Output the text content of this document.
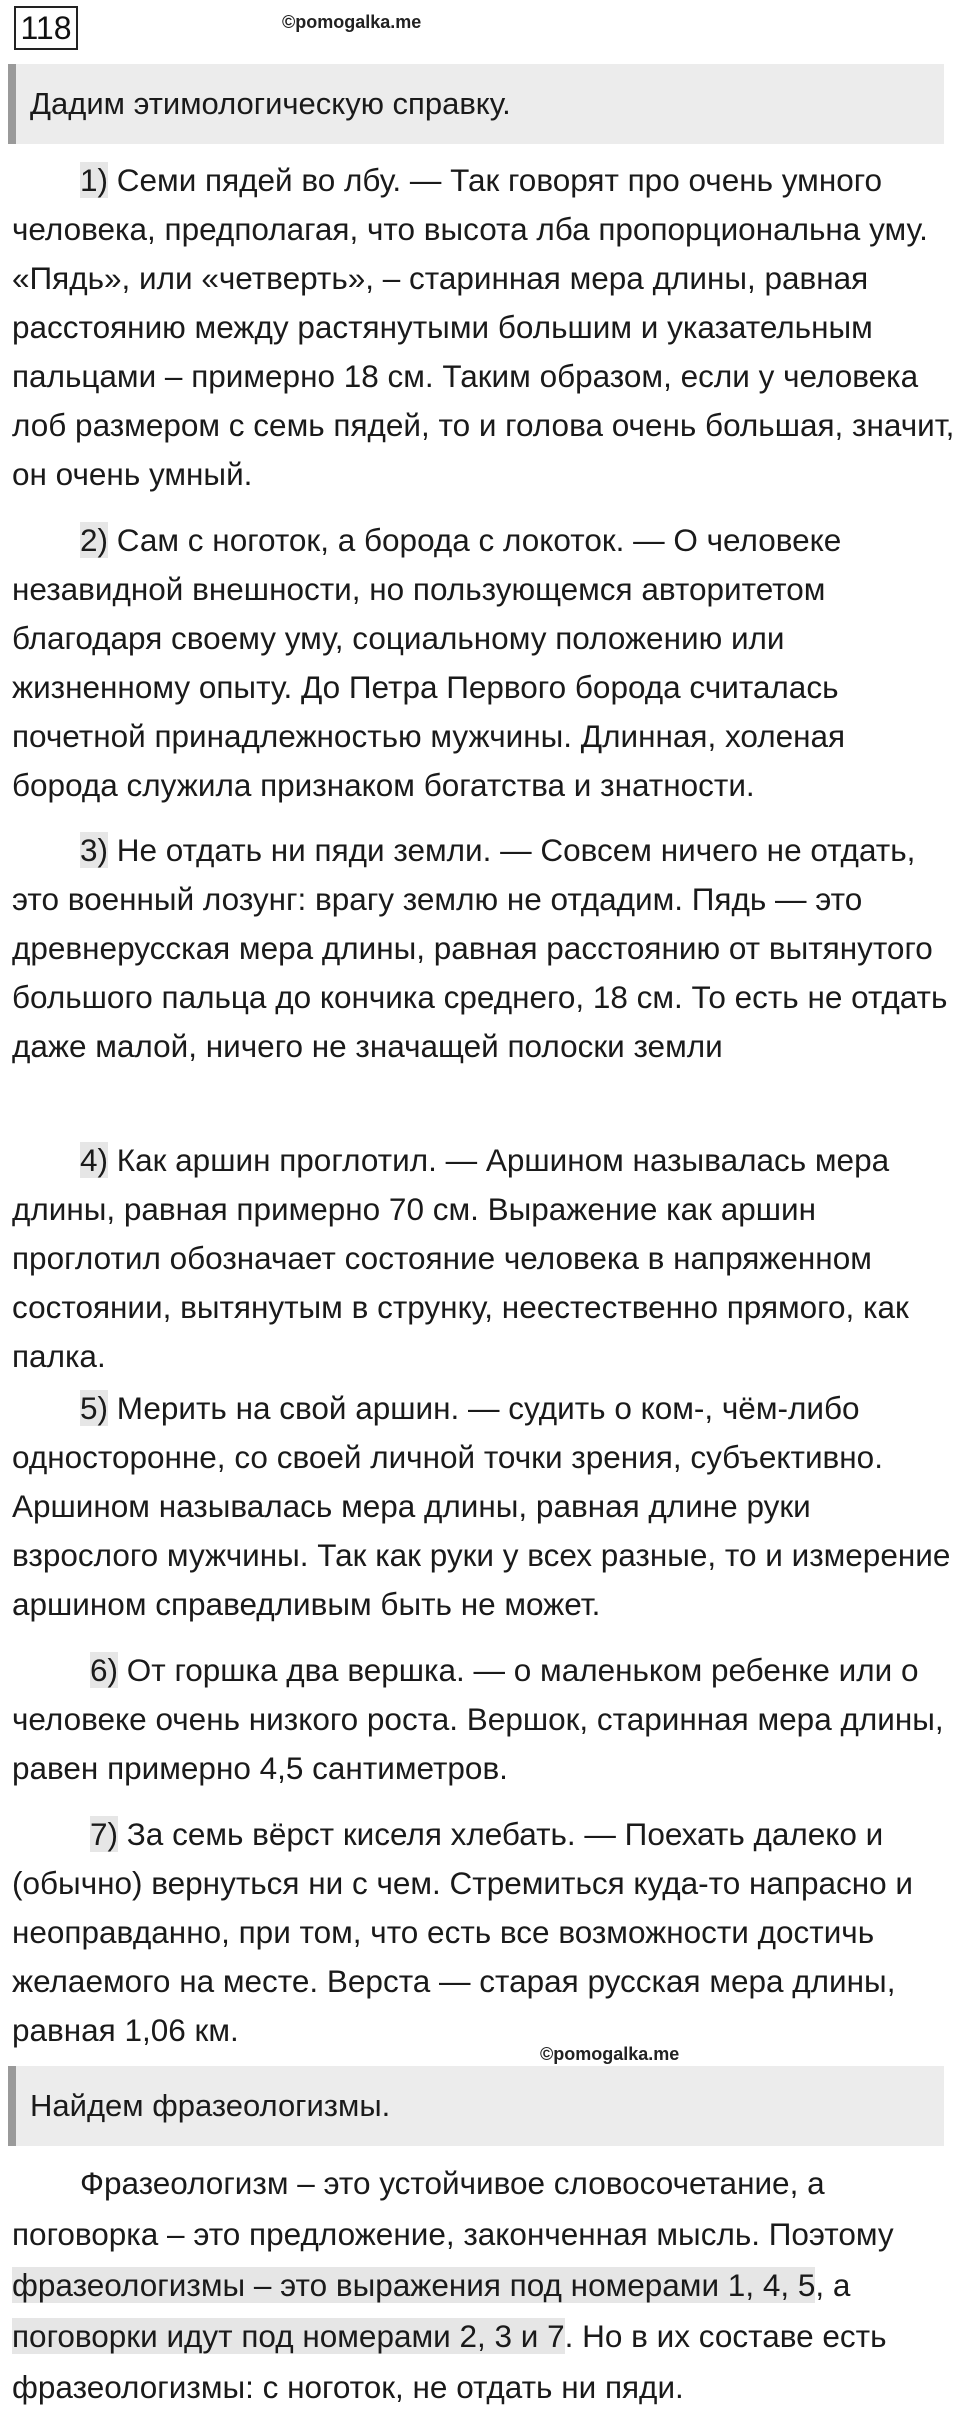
118	©pomogalka.me
Дадим этимологическую справку.

1) Семи пядей во лбу. — Так говорят про очень умного человека, предполагая, что высота лба пропорциональна уму. «Пядь», или «четверть», – старинная мера длины, равная расстоянию между растянутыми большим и указательным пальцами – примерно 18 см. Таким образом, если у человека лоб размером с семь пядей, то и голова очень большая, значит, он очень умный.

2) Сам с ноготок, а борода с локоток. — О человеке незавидной внешности, но пользующемся авторитетом благодаря своему уму, социальному положению или жизненному опыту. До Петра Первого борода считалась почетной принадлежностью мужчины. Длинная, холеная борода служила признаком богатства и знатности.

3) Не отдать ни пяди земли. — Совсем ничего не отдать, это военный лозунг: врагу землю не отдадим. Пядь — это древнерусская мера длины, равная расстоянию от вытянутого большого пальца до кончика среднего, 18 см. То есть не отдать даже малой, ничего не значащей полоски земли

4) Как аршин проглотил. — Аршином называлась мера длины, равная примерно 70 см. Выражение как аршин проглотил обозначает состояние человека в напряженном состоянии, вытянутым в струнку, неестественно прямого, как палка.

5) Мерить на свой аршин. — судить о ком-, чём-либо односторонне, со своей личной точки зрения, субъективно. Аршином называлась мера длины, равная длине руки взрослого мужчины. Так как руки у всех разные, то и измерение аршином справедливым быть не может.

6) От горшка два вершка. — о маленьком ребенке или о человеке очень низкого роста. Вершок, старинная мера длины, равен примерно 4,5 сантиметров.

7) За семь вёрст киселя хлебать. — Поехать далеко и (обычно) вернуться ни с чем. Стремиться куда-то напрасно и неоправданно, при том, что есть все возможности достичь желаемого на месте. Верста — старая русская мера длины, равная 1,06 км.

©pomogalka.me
Найдем фразеологизмы.

Фразеологизм – это устойчивое словосочетание, а поговорка – это предложение, законченная мысль. Поэтому фразеологизмы – это выражения под номерами 1, 4, 5, а поговорки идут под номерами 2, 3 и 7. Но в их составе есть фразеологизмы: с ноготок, не отдать ни пяди.
